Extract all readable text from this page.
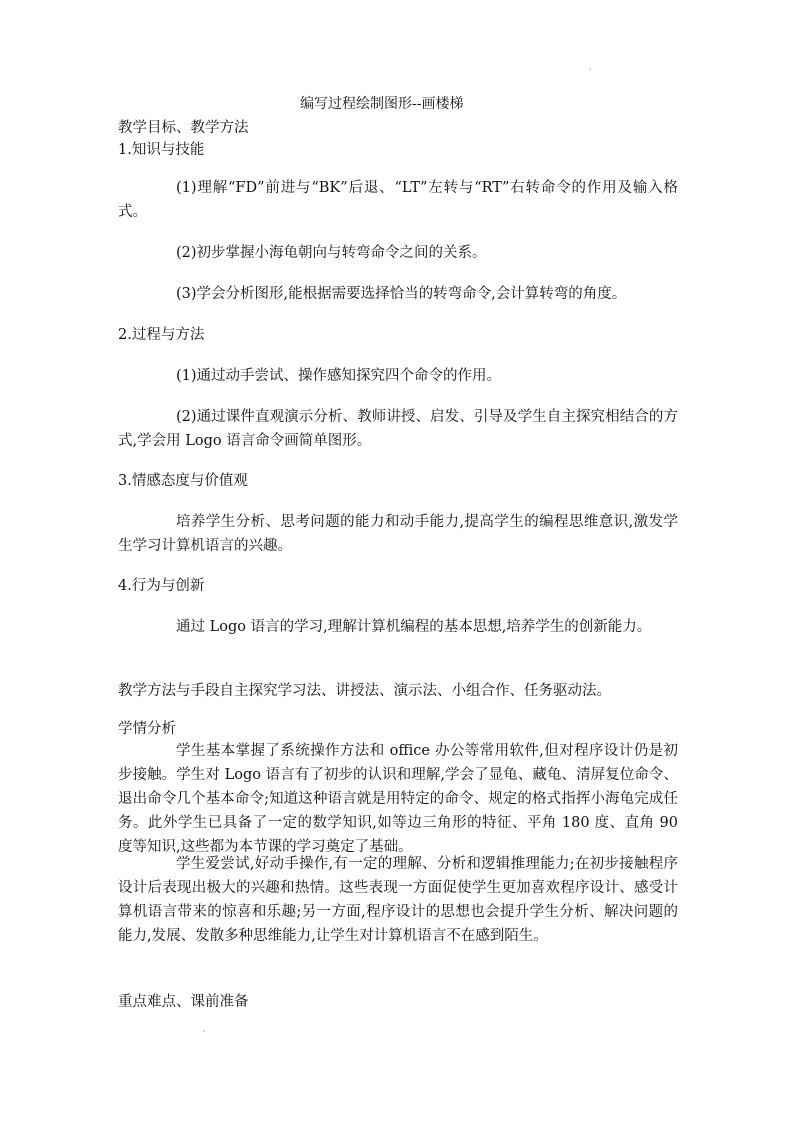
编写过程绘制图形--画楼梯

教学目标、教学方法

1.知识与技能

(1)理解“FD”前进与“BK”后退、“LT”左转与“RT”右转命令的作用及输入格式。

(2)初步掌握小海龟朝向与转弯命令之间的关系。

(3)学会分析图形,能根据需要选择恰当的转弯命令,会计算转弯的角度。

2.过程与方法

(1)通过动手尝试、操作感知探究四个命令的作用。

(2)通过课件直观演示分析、教师讲授、启发、引导及学生自主探究相结合的方式,学会用 Logo 语言命令画简单图形。

3.情感态度与价值观

培养学生分析、思考问题的能力和动手能力,提高学生的编程思维意识,激发学生学习计算机语言的兴趣。

4.行为与创新

通过 Logo 语言的学习,理解计算机编程的基本思想,培养学生的创新能力。

教学方法与手段自主探究学习法、讲授法、演示法、小组合作、任务驱动法。

学情分析

学生基本掌握了系统操作方法和 office 办公等常用软件,但对程序设计仍是初步接触。学生对 Logo 语言有了初步的认识和理解,学会了显龟、藏龟、清屏复位命令、退出命令几个基本命令;知道这种语言就是用特定的命令、规定的格式指挥小海龟完成任务。此外学生已具备了一定的数学知识,如等边三角形的特征、平角 180 度、直角 90 度等知识,这些都为本节课的学习奠定了基础。

学生爱尝试,好动手操作,有一定的理解、分析和逻辑推理能力;在初步接触程序设计后表现出极大的兴趣和热情。这些表现一方面促使学生更加喜欢程序设计、感受计算机语言带来的惊喜和乐趣;另一方面,程序设计的思想也会提升学生分析、解决问题的能力,发展、发散多种思维能力,让学生对计算机语言不在感到陌生。

重点难点、课前准备
